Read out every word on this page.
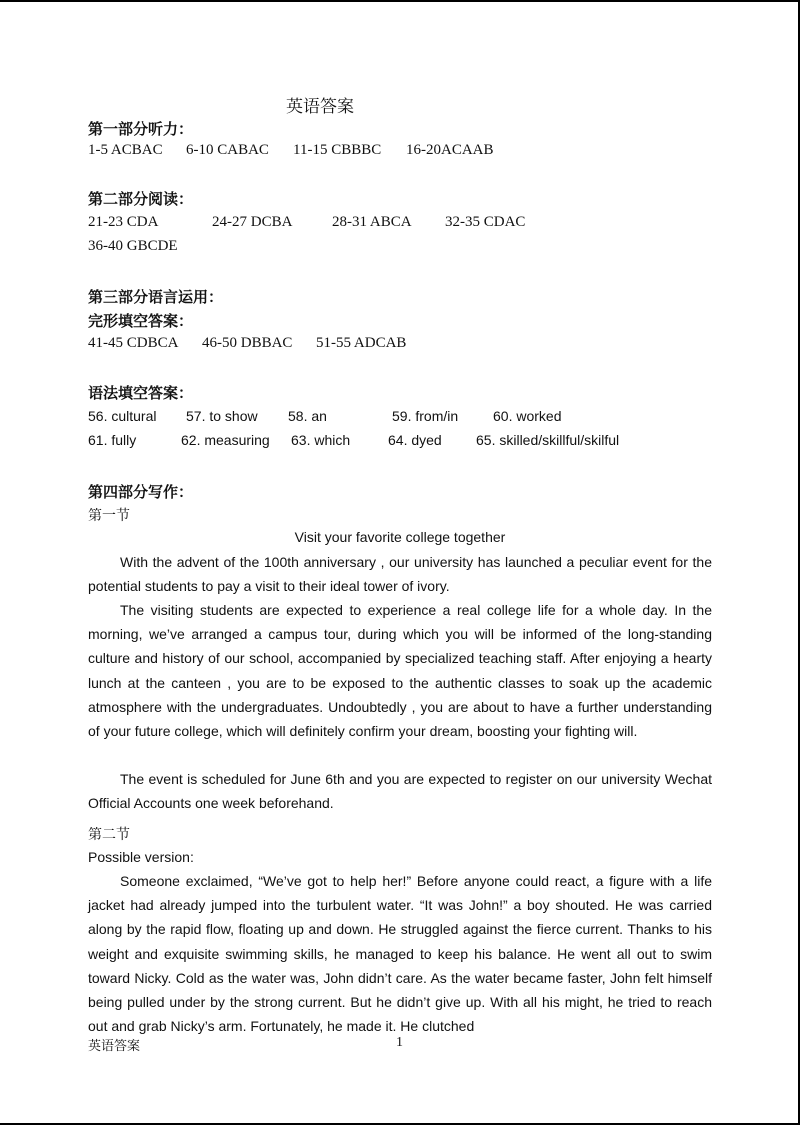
英语答案
第一部分听力：
1-5 ACBAC 6-10 CABAC 11-15 CBBBC 16-20ACAAB
第二部分阅读：
21-23 CDA	24-27 DCBA	28-31 ABCA 32-35 CDAC
36-40 GBCDE
第三部分语言运用：
完形填空答案：
41-45 CDBCA 46-50 DBBAC 51-55 ADCAB
语法填空答案：
56. cultural 57. to show 58. an	59. from/in 60. worked
61. fully	62. measuring 63. which	64. dyed 65. skilled/skillful/skilful
第四部分写作：
第一节
Visit your favorite college together

With the advent of the 100th anniversary , our university has launched a peculiar event for the potential students to pay a visit to their ideal tower of ivory.

The visiting students are expected to experience a real college life for a whole day. In the morning, we’ve arranged a campus tour, during which you will be informed of the long-standing culture and history of our school, accompanied by specialized teaching staff. After enjoying a hearty lunch at the canteen , you are to be exposed to the authentic classes to soak up the academic atmosphere with the undergraduates. Undoubtedly , you are about to have a further understanding of your future college, which will definitely confirm your dream, boosting your fighting will.

The event is scheduled for June 6th and you are expected to register on our university Wechat Official Accounts one week beforehand.

第二节
Possible version:

Someone exclaimed, “We’ve got to help her!” Before anyone could react, a figure with a life jacket had already jumped into the turbulent water. “It was John!” a boy shouted. He was carried along by the rapid flow, floating up and down. He struggled against the fierce current. Thanks to his weight and exquisite swimming skills, he managed to keep his balance. He went all out to swim toward Nicky. Cold as the water was, John didn’t care. As the water became faster, John felt himself being pulled under by the strong current. But he didn’t give up. With all his might, he tried to reach out and grab Nicky’s arm. Fortunately, he made it. He clutched

英语答案	1
